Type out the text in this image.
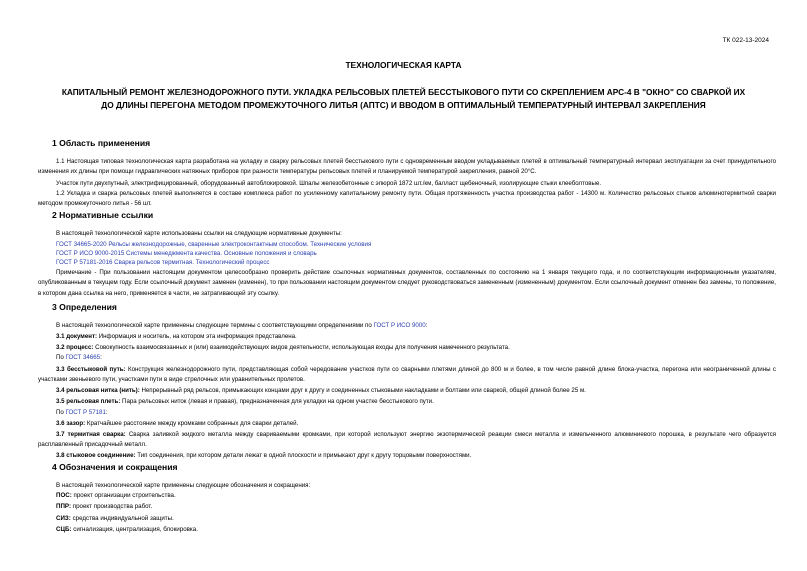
ТК 022-13-2024
ТЕХНОЛОГИЧЕСКАЯ КАРТА
КАПИТАЛЬНЫЙ РЕМОНТ ЖЕЛЕЗНОДОРОЖНОГО ПУТИ. УКЛАДКА РЕЛЬСОВЫХ ПЛЕТЕЙ БЕССТЫКОВОГО ПУТИ СО СКРЕПЛЕНИЕМ АРС-4 В "ОКНО" СО СВАРКОЙ ИХ
ДО ДЛИНЫ ПЕРЕГОНА МЕТОДОМ ПРОМЕЖУТОЧНОГО ЛИТЬЯ (АПТС) И ВВОДОМ В ОПТИМАЛЬНЫЙ ТЕМПЕРАТУРНЫЙ ИНТЕРВАЛ ЗАКРЕПЛЕНИЯ
1 Область применения
1.1 Настоящая типовая технологическая карта разработана на укладку и сварку рельсовых плетей бесстыкового пути с одновременным вводом укладываемых плетей в оптимальный температурный интервал эксплуатации за счет принудительного изменения их длины при помощи гидравлических натяжных приборов при разности температуры рельсовых плетей и планируемой температурой закрепления, равной 20°С.
Участок пути двухпутный, электрифицированный, оборудованный автоблокировкой. Шпалы железобетонные с эпюрой 1872 шт./км, балласт щебеночный, изолирующие стыки клееболтовые.
1.2 Укладка и сварка рельсовых плетей выполняется в составе комплекса работ по усиленному капитальному ремонту пути. Общая протяженность участка производства работ - 14300 м. Количество рельсовых стыков алюминотермитной сварки методом промежуточного литья - 56 шт.
2 Нормативные ссылки
В настоящей технологической карте использованы ссылки на следующие нормативные документы:
ГОСТ 34665-2020 Рельсы железнодорожные, сваренные электроконтактным способом. Технические условия
ГОСТ Р ИСО 9000-2015 Системы менеджмента качества. Основные положения и словарь
ГОСТ Р 57181-2016 Сварка рельсов термитная. Технологический процесс
Примечание - При пользовании настоящим документом целесообразно проверить действие ссылочных нормативных документов, составленных по состоянию на 1 января текущего года, и по соответствующим информационным указателям, опубликованным в текущем году. Если ссылочный документ заменен (изменен), то при пользовании настоящим документом следует руководствоваться замененным (измененным) документом. Если ссылочный документ отменен без замены, то положение, в котором дана ссылка на него, применяется в части, не затрагивающей эту ссылку.
3 Определения
В настоящей технологической карте применены следующие термины с соответствующими определениями по ГОСТ Р ИСО 9000:
3.1 документ: Информация и носитель, на котором эта информация представлена.
3.2 процесс: Совокупность взаимосвязанных и (или) взаимодействующих видов деятельности, использующая входы для получения намеченного результата.
По ГОСТ 34665:
3.3 бесстыковой путь: Конструкция железнодорожного пути, представляющая собой чередование участков пути со сварными плетями длиной до 800 м и более, в том числе равной длине блока-участка, перегона или неограниченной длины с участками звеньевого пути, участками пути в виде стрелочных или уравнительных пролетов.
3.4 рельсовая нитка (нить): Непрерывный ряд рельсов, примыкающих концами друг к другу и соединенных стыковыми накладками и болтами или сваркой, общей длиной более 25 м.
3.5 рельсовая плеть: Пара рельсовых ниток (левая и правая), предназначенная для укладки на одном участке бесстыкового пути.
По ГОСТ Р 57181:
3.6 зазор: Кратчайшее расстояние между кромками собранных для сварки деталей.
3.7 термитная сварка: Сварка заливкой жидкого металла между свариваемыми кромками, при которой используют энергию экзотермической реакции смеси металла и измельченного алюминиевого порошка, в результате чего образуется расплавленный присадочный металл.
3.8 стыковое соединение: Тип соединения, при котором детали лежат в одной плоскости и примыкают друг к другу торцовыми поверхностями.
4 Обозначения и сокращения
В настоящей технологической карте применены следующие обозначения и сокращения:
ПОС: проект организации строительства.
ППР: проект производства работ.
СИЗ: средства индивидуальной защиты.
СЦБ: сигнализация, централизация, блокировка.
